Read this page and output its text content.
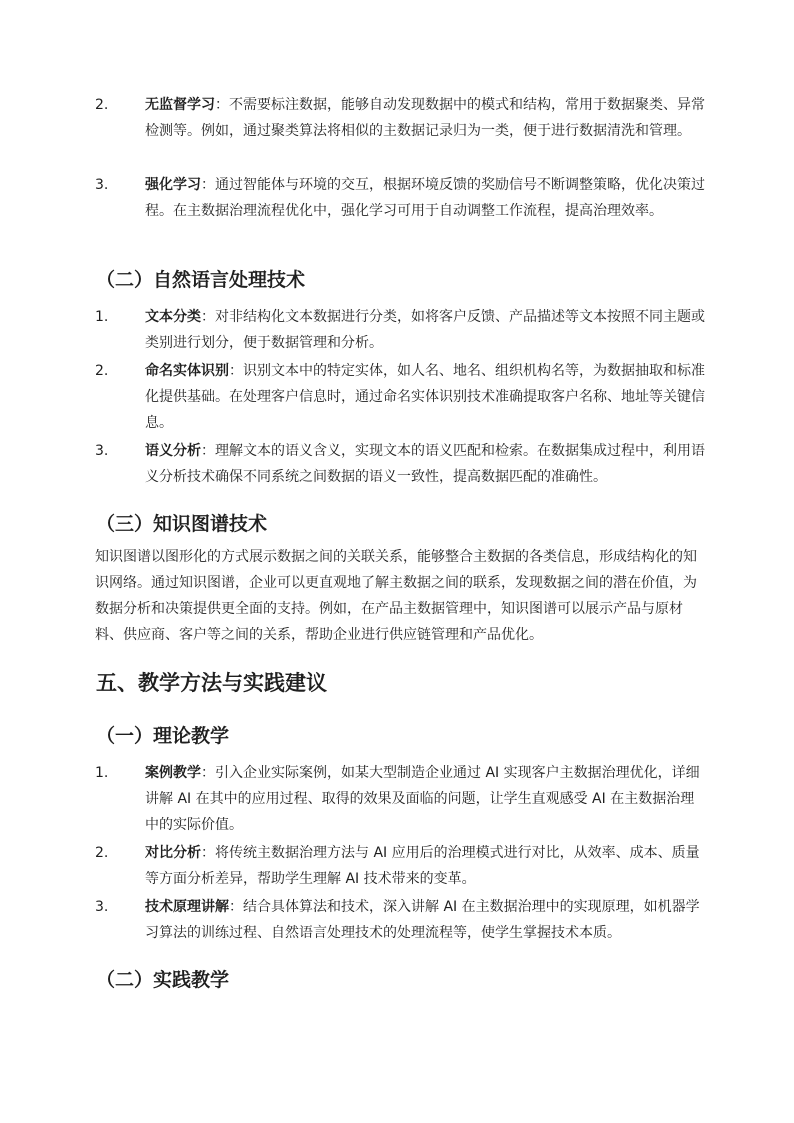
2.	无监督学习：不需要标注数据，能够自动发现数据中的模式和结构，常用于数据聚类、异常检测等。例如，通过聚类算法将相似的主数据记录归为一类，便于进行数据清洗和管理。
3.	强化学习：通过智能体与环境的交互，根据环境反馈的奖励信号不断调整策略，优化决策过程。在主数据治理流程优化中，强化学习可用于自动调整工作流程，提高治理效率。
（二）自然语言处理技术
1.	文本分类：对非结构化文本数据进行分类，如将客户反馈、产品描述等文本按照不同主题或类别进行划分，便于数据管理和分析。
2.	命名实体识别：识别文本中的特定实体，如人名、地名、组织机构名等，为数据抽取和标准化提供基础。在处理客户信息时，通过命名实体识别技术准确提取客户名称、地址等关键信息。
3.	语义分析：理解文本的语义含义，实现文本的语义匹配和检索。在数据集成过程中，利用语义分析技术确保不同系统之间数据的语义一致性，提高数据匹配的准确性。
（三）知识图谱技术

知识图谱以图形化的方式展示数据之间的关联关系，能够整合主数据的各类信息，形成结构化的知识网络。通过知识图谱，企业可以更直观地了解主数据之间的联系，发现数据之间的潜在价值，为数据分析和决策提供更全面的支持。例如，在产品主数据管理中，知识图谱可以展示产品与原材料、供应商、客户等之间的关系，帮助企业进行供应链管理和产品优化。

五、教学方法与实践建议
（一）理论教学
1.	案例教学：引入企业实际案例，如某大型制造企业通过 AI 实现客户主数据治理优化，详细讲解 AI 在其中的应用过程、取得的效果及面临的问题，让学生直观感受 AI 在主数据治理中的实际价值。
2.	对比分析：将传统主数据治理方法与 AI 应用后的治理模式进行对比，从效率、成本、质量等方面分析差异，帮助学生理解 AI 技术带来的变革。
3.	技术原理讲解：结合具体算法和技术，深入讲解 AI 在主数据治理中的实现原理，如机器学习算法的训练过程、自然语言处理技术的处理流程等，使学生掌握技术本质。
（二）实践教学
